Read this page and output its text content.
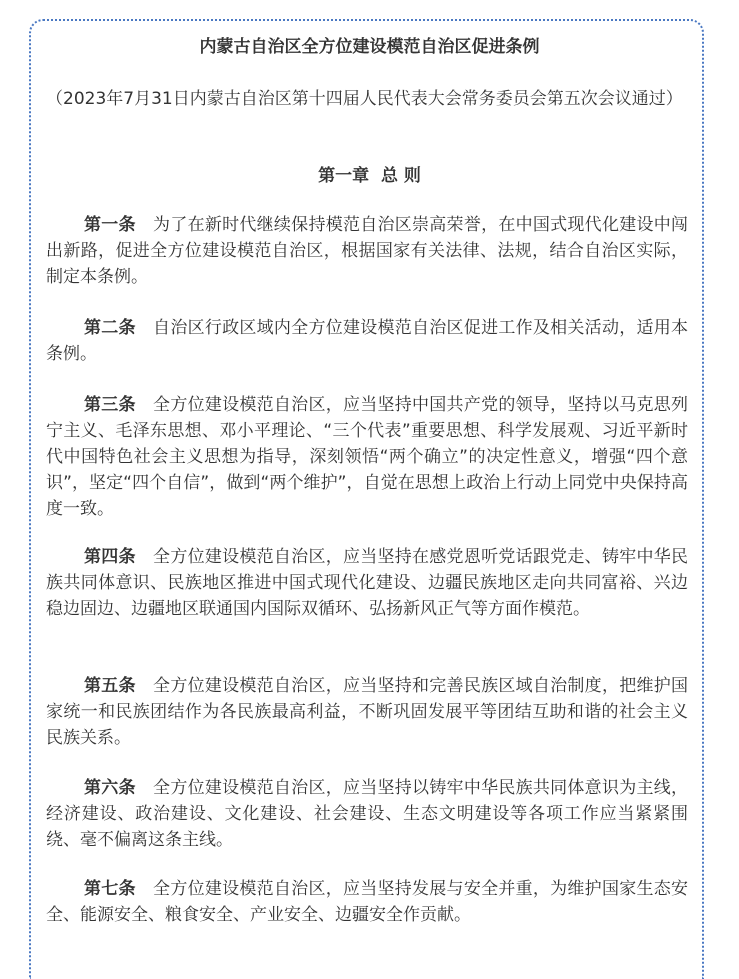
内蒙古自治区全方位建设模范自治区促进条例

（2023年7月31日内蒙古自治区第十四届人民代表大会常务委员会第五次会议通过）

第一章  总 则

第一条 为了在新时代继续保持模范自治区崇高荣誉，在中国式现代化建设中闯出新路，促进全方位建设模范自治区，根据国家有关法律、法规，结合自治区实际，制定本条例。

第二条 自治区行政区域内全方位建设模范自治区促进工作及相关活动，适用本条例。

第三条 全方位建设模范自治区，应当坚持中国共产党的领导，坚持以马克思列宁主义、毛泽东思想、邓小平理论、“三个代表”重要思想、科学发展观、习近平新时代中国特色社会主义思想为指导，深刻领悟“两个确立”的决定性意义，增强“四个意识”，坚定“四个自信”，做到“两个维护”，自觉在思想上政治上行动上同党中央保持高度一致。

第四条 全方位建设模范自治区，应当坚持在感党恩听党话跟党走、铸牢中华民族共同体意识、民族地区推进中国式现代化建设、边疆民族地区走向共同富裕、兴边稳边固边、边疆地区联通国内国际双循环、弘扬新风正气等方面作模范。

第五条 全方位建设模范自治区，应当坚持和完善民族区域自治制度，把维护国家统一和民族团结作为各民族最高利益，不断巩固发展平等团结互助和谐的社会主义民族关系。

第六条 全方位建设模范自治区，应当坚持以铸牢中华民族共同体意识为主线，经济建设、政治建设、文化建设、社会建设、生态文明建设等各项工作应当紧紧围绕、毫不偏离这条主线。

第七条 全方位建设模范自治区，应当坚持发展与安全并重，为维护国家生态安全、能源安全、粮食安全、产业安全、边疆安全作贡献。
